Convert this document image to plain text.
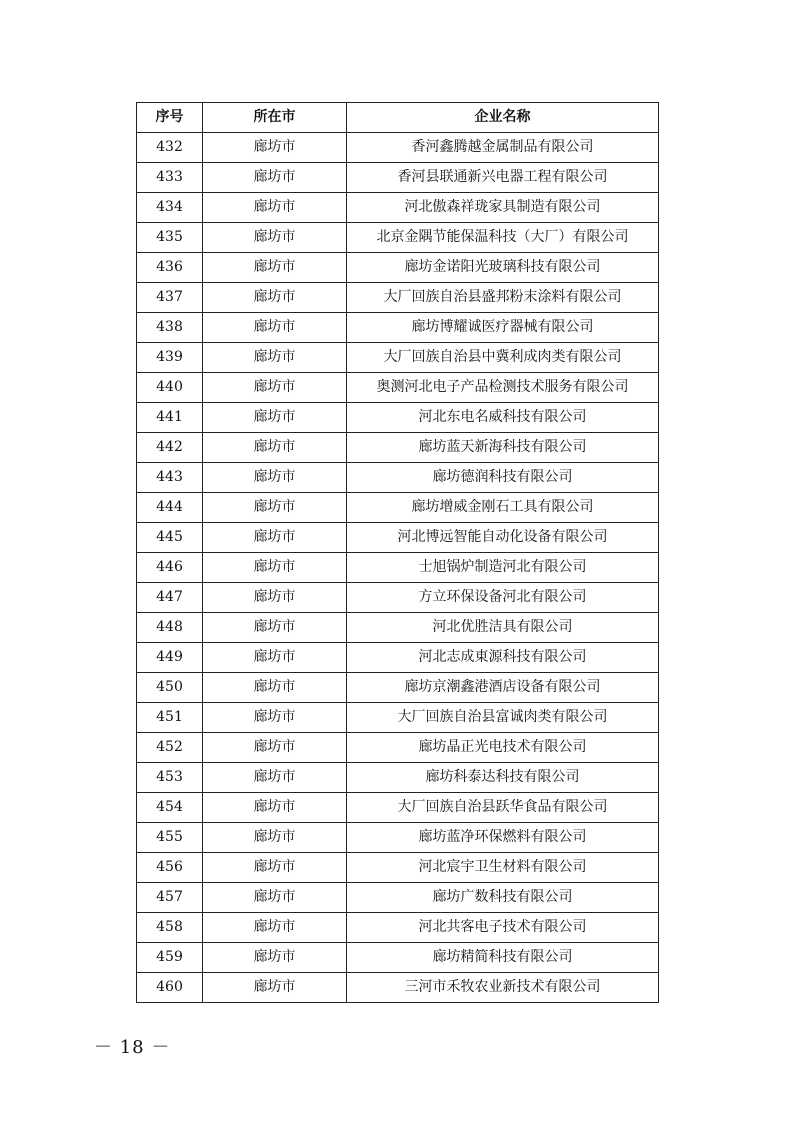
序号	所在市	企业名称
432	廊坊市	香河鑫腾越金属制品有限公司
433	廊坊市	香河县联通新兴电器工程有限公司
434	廊坊市	河北傲森祥珑家具制造有限公司
435	廊坊市	北京金隅节能保温科技（大厂）有限公司
436	廊坊市	廊坊金诺阳光玻璃科技有限公司
437	廊坊市	大厂回族自治县盛邦粉末涂料有限公司
438	廊坊市	廊坊博耀诚医疗器械有限公司
439	廊坊市	大厂回族自治县中冀利成肉类有限公司
440	廊坊市	奥测河北电子产品检测技术服务有限公司
441	廊坊市	河北东电名威科技有限公司
442	廊坊市	廊坊蓝天新海科技有限公司
443	廊坊市	廊坊德润科技有限公司
444	廊坊市	廊坊增威金刚石工具有限公司
445	廊坊市	河北博远智能自动化设备有限公司
446	廊坊市	士旭锅炉制造河北有限公司
447	廊坊市	方立环保设备河北有限公司
448	廊坊市	河北优胜洁具有限公司
449	廊坊市	河北志成東源科技有限公司
450	廊坊市	廊坊京潮鑫港酒店设备有限公司
451	廊坊市	大厂回族自治县富诚肉类有限公司
452	廊坊市	廊坊晶正光电技术有限公司
453	廊坊市	廊坊科泰达科技有限公司
454	廊坊市	大厂回族自治县跃华食品有限公司
455	廊坊市	廊坊蓝净环保燃料有限公司
456	廊坊市	河北宸宇卫生材料有限公司
457	廊坊市	廊坊广数科技有限公司
458	廊坊市	河北共客电子技术有限公司
459	廊坊市	廊坊精简科技有限公司
460	廊坊市	三河市禾牧农业新技术有限公司
－ 18 －
